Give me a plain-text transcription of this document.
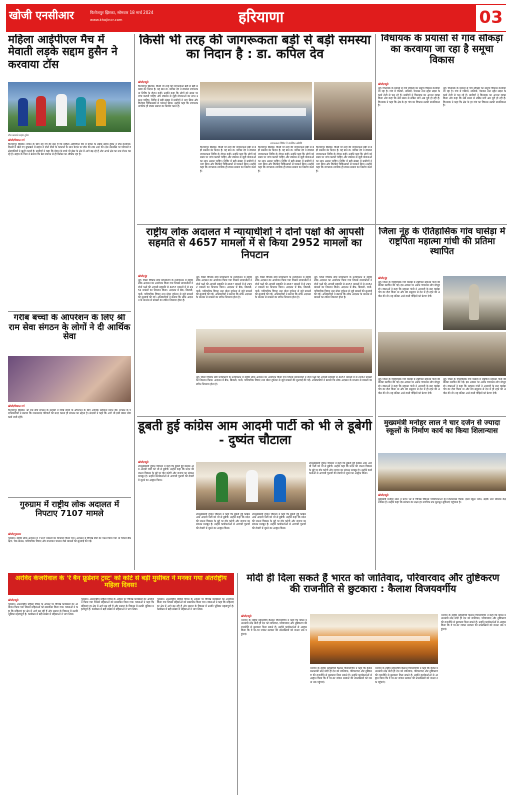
खोजी एनसीआर	फिरोजपुर झिरका, सोमवार 18 मार्च 2024
www.khojincr.com	हरियाणा	03
महिला आईपीएल मैच में मेवाती लड़के सद्दाम हुसैन ने करवाया टॉस
टॉस करवाते सद्दाम हुसैन
खोजी/विशाल गर्ग
फिरोजपुर झिरका। मेवात के लिए यह गर्व की बात है कि महिला आईपीएल मैच में मेवात के लड़के सद्दाम हुसैन ने टॉस करवाया। दिल्ली में खेले गए मुकाबले में सद्दाम ने दोनों टीमों के कप्तानों के साथ मैदान पर टॉस की रस्म अदा की। इस उपलब्धि पर परिजनों व क्षेत्रवासियों ने खुशी जताई है। ग्रामीणों ने कहा कि मेवात के बच्चे भी खेल के क्षेत्र में आगे बढ़ रहे हैं और अपने क्षेत्र का नाम रोशन कर रहे हैं। सद्दाम के पिता ने बताया कि बेटा बचपन से ही क्रिकेट का शौकीन रहा है।
गरीब बच्चों के ऑपरेशन के लिए श्री राम सेवा संगठन के लोगों ने दी आर्थिक सेवा
खोजी/विशाल गर्ग
फिरोजपुर झिरका। श्री राम सेवा संगठन के सदस्यों ने गरीब बच्चों के ऑपरेशन के लिए आर्थिक सहायता प्रदान की। संगठन के पदाधिकारियों ने बताया कि जरूरतमंद परिवारों की मदद करना ही संगठन का उद्देश्य है। सदस्यों ने कहा कि आगे भी इसी प्रकार सेवा कार्य जारी रहेंगे।
गुरुग्राम में राष्ट्रीय लोक अदालत में निपटाए 7107 मामले
खोजी/गुरुग्राम
गुरुग्राम। राष्ट्रीय लोक अदालत में 7107 मामलों का निपटारा किया गया। अदालत में विभिन्न बेंचों का गठन किया गया था जिनमें बैंक ऋण, चेक बाउंस, पारिवारिक विवाद और यातायात चालान जैसे मामलों की सुनवाई की गई।
किसी भी तरह की जागरूकता बड़ी से बड़ी समस्या का निदान है : डा. कपिल देव
खोजी/ब्यूरो
फिरोजपुर झिरका। किसी भी तरह की जागरूकता बड़ी से बड़ी समस्या का निदान है। यह बात डा. कपिल देव ने स्वास्थ्य जागरूकता शिविर के दौरान कही। उन्होंने कहा कि लोगों को समय पर जांच करानी चाहिए और स्वास्थ्य से जुड़ी योजनाओं का लाभ उठाना चाहिए। शिविर में बड़ी संख्या में ग्रामीणों ने भाग लिया और विशेषज्ञ चिकित्सकों से परामर्श लिया। उन्होंने कहा कि जागरूक नागरिक ही स्वस्थ समाज का निर्माण करते हैं।
जागरूकता शिविर में उपस्थित अतिथि
फिरोजपुर झिरका। किसी भी तरह की जागरूकता बड़ी से बड़ी समस्या का निदान है। यह बात डा. कपिल देव ने स्वास्थ्य जागरूकता शिविर के दौरान कही। उन्होंने कहा कि लोगों को समय पर जांच करानी चाहिए और स्वास्थ्य से जुड़ी योजनाओं का लाभ उठाना चाहिए। शिविर में बड़ी संख्या में ग्रामीणों ने भाग लिया और विशेषज्ञ चिकित्सकों से परामर्श लिया। उन्होंने कहा कि जागरूक नागरिक ही स्वस्थ समाज का निर्माण करते हैं।
फिरोजपुर झिरका। किसी भी तरह की जागरूकता बड़ी से बड़ी समस्या का निदान है। यह बात डा. कपिल देव ने स्वास्थ्य जागरूकता शिविर के दौरान कही। उन्होंने कहा कि लोगों को समय पर जांच करानी चाहिए और स्वास्थ्य से जुड़ी योजनाओं का लाभ उठाना चाहिए। शिविर में बड़ी संख्या में ग्रामीणों ने भाग लिया और विशेषज्ञ चिकित्सकों से परामर्श लिया। उन्होंने कहा कि जागरूक नागरिक ही स्वस्थ समाज का निर्माण करते हैं।
फिरोजपुर झिरका। किसी भी तरह की जागरूकता बड़ी से बड़ी समस्या का निदान है। यह बात डा. कपिल देव ने स्वास्थ्य जागरूकता शिविर के दौरान कही। उन्होंने कहा कि लोगों को समय पर जांच करानी चाहिए और स्वास्थ्य से जुड़ी योजनाओं का लाभ उठाना चाहिए। शिविर में बड़ी संख्या में ग्रामीणों ने भाग लिया और विशेषज्ञ चिकित्सकों से परामर्श लिया। उन्होंने कहा कि जागरूक नागरिक ही स्वस्थ समाज का निर्माण करते हैं।
राष्ट्रीय लोक अदालत में न्यायाधीशों ने दोनों पक्षों की आपसी सहमति से 4657 मामलों में से किया 2952 मामलों का निपटान
खोजी/नूंह
नूंह। जिला विधिक सेवा प्राधिकरण के तत्वावधान में राष्ट्रीय लोक अदालत का आयोजन किया गया जिसमें न्यायाधीशों ने दोनों पक्षों की आपसी सहमति से 4657 मामलों में से 2952 मामलों का निपटान किया। अदालत में बैंक, बिजली, पानी, पारिवारिक विवाद तथा मोटर दुर्घटना से जुड़े मामलों की सुनवाई की गई। अधिकारियों ने बताया कि लोक अदालत के माध्यम से मामलों का त्वरित निपटारा होता है।
नूंह। जिला विधिक सेवा प्राधिकरण के तत्वावधान में राष्ट्रीय लोक अदालत का आयोजन किया गया जिसमें न्यायाधीशों ने दोनों पक्षों की आपसी सहमति से 4657 मामलों में से 2952 मामलों का निपटान किया। अदालत में बैंक, बिजली, पानी, पारिवारिक विवाद तथा मोटर दुर्घटना से जुड़े मामलों की सुनवाई की गई। अधिकारियों ने बताया कि लोक अदालत के माध्यम से मामलों का त्वरित निपटारा होता है।
नूंह। जिला विधिक सेवा प्राधिकरण के तत्वावधान में राष्ट्रीय लोक अदालत का आयोजन किया गया जिसमें न्यायाधीशों ने दोनों पक्षों की आपसी सहमति से 4657 मामलों में से 2952 मामलों का निपटान किया। अदालत में बैंक, बिजली, पानी, पारिवारिक विवाद तथा मोटर दुर्घटना से जुड़े मामलों की सुनवाई की गई। अधिकारियों ने बताया कि लोक अदालत के माध्यम से मामलों का त्वरित निपटारा होता है।
नूंह। जिला विधिक सेवा प्राधिकरण के तत्वावधान में राष्ट्रीय लोक अदालत का आयोजन किया गया जिसमें न्यायाधीशों ने दोनों पक्षों की आपसी सहमति से 4657 मामलों में से 2952 मामलों का निपटान किया। अदालत में बैंक, बिजली, पानी, पारिवारिक विवाद तथा मोटर दुर्घटना से जुड़े मामलों की सुनवाई की गई। अधिकारियों ने बताया कि लोक अदालत के माध्यम से मामलों का त्वरित निपटारा होता है।
नूंह। जिला विधिक सेवा प्राधिकरण के तत्वावधान में राष्ट्रीय लोक अदालत का आयोजन किया गया जिसमें न्यायाधीशों ने दोनों पक्षों की आपसी सहमति से 4657 मामलों में से 2952 मामलों का निपटान किया। अदालत में बैंक, बिजली, पानी, पारिवारिक विवाद तथा मोटर दुर्घटना से जुड़े मामलों की सुनवाई की गई। अधिकारियों ने बताया कि लोक अदालत के माध्यम से मामलों का त्वरित निपटारा होता है।
डूबती हुई कांग्रेस आम आदमी पार्टी को भी ले डूबेगी - दुष्यंत चौटाला
खोजी/ब्यूरो
उपमुख्यमंत्री दुष्यंत चौटाला ने कहा कि डूबती हुई कांग्रेस आम आदमी पार्टी को भी ले डूबेगी। उन्होंने कहा कि प्रदेश की जनता विकास के मुद्दे पर वोट करेगी और जजपा का संगठन मजबूत है। उन्होंने कार्यकर्ताओं से आगामी चुनावों की तैयारी में जुटने का आह्वान किया।
उपमुख्यमंत्री दुष्यंत चौटाला ने कहा कि डूबती हुई कांग्रेस आम आदमी पार्टी को भी ले डूबेगी। उन्होंने कहा कि प्रदेश की जनता विकास के मुद्दे पर वोट करेगी और जजपा का संगठन मजबूत है। उन्होंने कार्यकर्ताओं से आगामी चुनावों की तैयारी में जुटने का आह्वान किया।
उपमुख्यमंत्री दुष्यंत चौटाला ने कहा कि डूबती हुई कांग्रेस आम आदमी पार्टी को भी ले डूबेगी। उन्होंने कहा कि प्रदेश की जनता विकास के मुद्दे पर वोट करेगी और जजपा का संगठन मजबूत है। उन्होंने कार्यकर्ताओं से आगामी चुनावों की तैयारी में जुटने का आह्वान किया।
उपमुख्यमंत्री दुष्यंत चौटाला ने कहा कि डूबती हुई कांग्रेस आम आदमी पार्टी को भी ले डूबेगी। उन्होंने कहा कि प्रदेश की जनता विकास के मुद्दे पर वोट करेगी और जजपा का संगठन मजबूत है। उन्होंने कार्यकर्ताओं से आगामी चुनावों की तैयारी में जुटने का आह्वान किया।
विधायक के प्रयासों से गांव सौंकड़ा का करवाया जा रहा है समूचा विकास
खोजी/ब्यूरो
नूंह। विधायक के प्रयासों से गांव सौंकड़ा का समूचा विकास करवाया जा रहा है। गांव में गलियों, नालियों, पेयजल तथा स्ट्रीट लाइट के कार्य तेजी से चल रहे हैं। ग्रामीणों ने विधायक का आभार व्यक्त किया और कहा कि लंबे समय से लंबित मांगें अब पूरी हो रही हैं। विधायक ने कहा कि क्षेत्र के हर गांव का विकास उनकी प्राथमिकता है।
नूंह। विधायक के प्रयासों से गांव सौंकड़ा का समूचा विकास करवाया जा रहा है। गांव में गलियों, नालियों, पेयजल तथा स्ट्रीट लाइट के कार्य तेजी से चल रहे हैं। ग्रामीणों ने विधायक का आभार व्यक्त किया और कहा कि लंबे समय से लंबित मांगें अब पूरी हो रही हैं। विधायक ने कहा कि क्षेत्र के हर गांव का विकास उनकी प्राथमिकता है।
जिला नूंह के ऐतिहासिक गांव घासेड़ा में राष्ट्रपिता महात्मा गांधी की प्रतिमा स्थापित
खोजी/नूंह
नूंह। जिला के ऐतिहासिक गांव घासेड़ा में राष्ट्रपिता महात्मा गांधी की प्रतिमा स्थापित की गई। इस अवसर पर अनेक गणमान्य लोग मौजूद रहे। वक्ताओं ने कहा कि महात्मा गांधी ने आजादी के बाद घासेड़ा गांव का दौरा किया था और मेव समुदाय से देश में ही रहने की अपील की थी। यह प्रतिमा आने वाली पीढ़ियों को प्रेरणा देगी।
नूंह। जिला के ऐतिहासिक गांव घासेड़ा में राष्ट्रपिता महात्मा गांधी की प्रतिमा स्थापित की गई। इस अवसर पर अनेक गणमान्य लोग मौजूद रहे। वक्ताओं ने कहा कि महात्मा गांधी ने आजादी के बाद घासेड़ा गांव का दौरा किया था और मेव समुदाय से देश में ही रहने की अपील की थी। यह प्रतिमा आने वाली पीढ़ियों को प्रेरणा देगी।
नूंह। जिला के ऐतिहासिक गांव घासेड़ा में राष्ट्रपिता महात्मा गांधी की प्रतिमा स्थापित की गई। इस अवसर पर अनेक गणमान्य लोग मौजूद रहे। वक्ताओं ने कहा कि महात्मा गांधी ने आजादी के बाद घासेड़ा गांव का दौरा किया था और मेव समुदाय से देश में ही रहने की अपील की थी। यह प्रतिमा आने वाली पीढ़ियों को प्रेरणा देगी।
मुख्यमंत्री मनोहर लाल ने चार दर्जन से ज्यादा स्कूलों के निर्माण कार्य का किया शिलान्यास
खोजी/ब्यूरो
मुख्यमंत्री मनोहर लाल ने प्रदेश भर में विभिन्न विकास परियोजनाओं का शिलान्यास किया। इनमें स्कूल भवन, सड़कें तथा स्वास्थ्य केंद्र शामिल हैं। उन्होंने कहा कि सरकार का लक्ष्य हर नागरिक तक मूलभूत सुविधाएं पहुंचाना है।
अरविंद केजरीवाल के 'रे बैन फ्रूडेशन ट्रस्ट' को कोर्ट से बड़ी मुसीबत ने मनका गया अंतर्राष्ट्रीय महिला दिवस!
खोजी/ब्यूरो
गुरुग्राम। अंतरराष्ट्रीय महिला दिवस के अवसर पर विभिन्न कार्यक्रमों का आयोजन किया गया जिसमें महिलाओं को सम्मानित किया गया। वक्ताओं ने कहा कि महिलाएं हर क्षेत्र में आगे बढ़ रही हैं और समाज के विकास में उनकी भूमिका महत्वपूर्ण है। कार्यक्रम में बड़ी संख्या में महिलाओं ने भाग लिया।
गुरुग्राम। अंतरराष्ट्रीय महिला दिवस के अवसर पर विभिन्न कार्यक्रमों का आयोजन किया गया जिसमें महिलाओं को सम्मानित किया गया। वक्ताओं ने कहा कि महिलाएं हर क्षेत्र में आगे बढ़ रही हैं और समाज के विकास में उनकी भूमिका महत्वपूर्ण है। कार्यक्रम में बड़ी संख्या में महिलाओं ने भाग लिया।
गुरुग्राम। अंतरराष्ट्रीय महिला दिवस के अवसर पर विभिन्न कार्यक्रमों का आयोजन किया गया जिसमें महिलाओं को सम्मानित किया गया। वक्ताओं ने कहा कि महिलाएं हर क्षेत्र में आगे बढ़ रही हैं और समाज के विकास में उनकी भूमिका महत्वपूर्ण है। कार्यक्रम में बड़ी संख्या में महिलाओं ने भाग लिया।
मोदी ही दिला सकते हैं भारत को जातिवाद, परिवारवाद और तुष्टिकरण की राजनीति से छुटकारा : कैलाश विजयवर्गीय
खोजी/ब्यूरो
भाजपा के राष्ट्रीय महासचिव कैलाश विजयवर्गीय ने कहा कि केवल प्रधानमंत्री नरेंद्र मोदी ही देश को जातिवाद, परिवारवाद और तुष्टिकरण की राजनीति से छुटकारा दिला सकते हैं। उन्होंने कार्यकर्ताओं से आह्वान किया कि वे घर-घर जाकर सरकार की उपलब्धियों को जनता तक पहुंचाएं।
भाजपा के राष्ट्रीय महासचिव कैलाश विजयवर्गीय ने कहा कि केवल प्रधानमंत्री नरेंद्र मोदी ही देश को जातिवाद, परिवारवाद और तुष्टिकरण की राजनीति से छुटकारा दिला सकते हैं। उन्होंने कार्यकर्ताओं से आह्वान किया कि वे घर-घर जाकर सरकार की उपलब्धियों को जनता तक पहुंचाएं।
भाजपा के राष्ट्रीय महासचिव कैलाश विजयवर्गीय ने कहा कि केवल प्रधानमंत्री नरेंद्र मोदी ही देश को जातिवाद, परिवारवाद और तुष्टिकरण की राजनीति से छुटकारा दिला सकते हैं। उन्होंने कार्यकर्ताओं से आह्वान किया कि वे घर-घर जाकर सरकार की उपलब्धियों को जनता तक पहुंचाएं।
भाजपा के राष्ट्रीय महासचिव कैलाश विजयवर्गीय ने कहा कि केवल प्रधानमंत्री नरेंद्र मोदी ही देश को जातिवाद, परिवारवाद और तुष्टिकरण की राजनीति से छुटकारा दिला सकते हैं। उन्होंने कार्यकर्ताओं से आह्वान किया कि वे घर-घर जाकर सरकार की उपलब्धियों को जनता तक पहुंचाएं।
